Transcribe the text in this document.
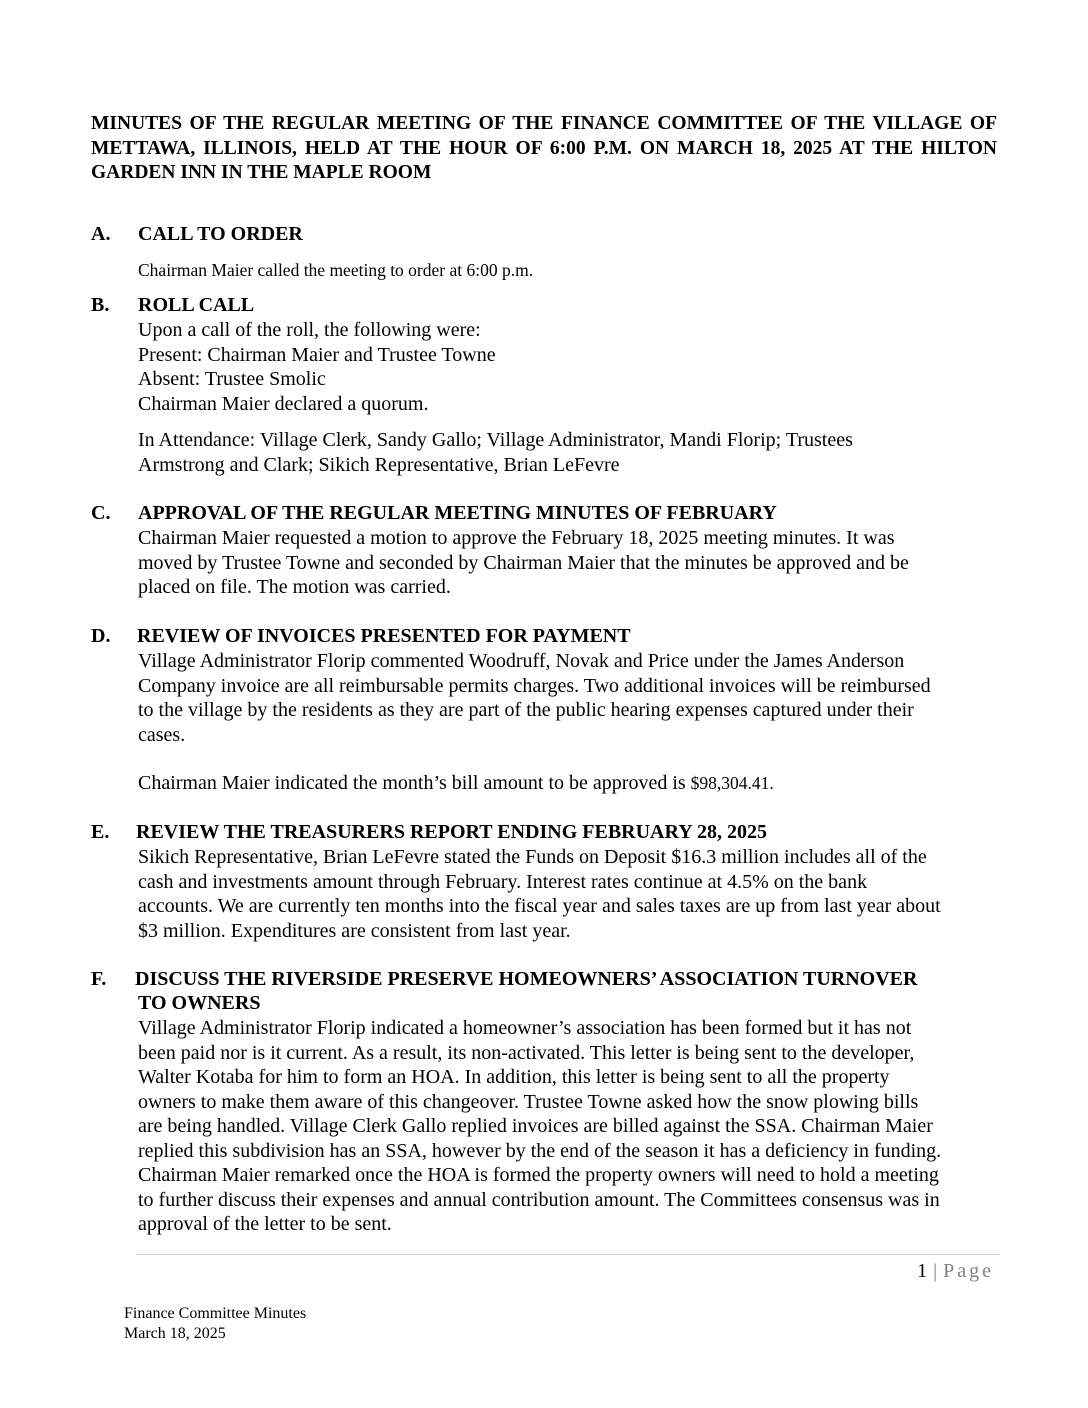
MINUTES OF THE REGULAR MEETING OF THE FINANCE COMMITTEE OF THE VILLAGE OF METTAWA, ILLINOIS, HELD AT THE HOUR OF 6:00 P.M. ON MARCH 18, 2025 AT THE HILTON GARDEN INN IN THE MAPLE ROOM
A. CALL TO ORDER
Chairman Maier called the meeting to order at 6:00 p.m.
B. ROLL CALL
Upon a call of the roll, the following were:
Present: Chairman Maier and Trustee Towne
Absent: Trustee Smolic
Chairman Maier declared a quorum.
In Attendance: Village Clerk, Sandy Gallo; Village Administrator, Mandi Florip; Trustees
Armstrong and Clark; Sikich Representative, Brian LeFevre
C. APPROVAL OF THE REGULAR MEETING MINUTES OF FEBRUARY
Chairman Maier requested a motion to approve the February 18, 2025 meeting minutes. It was
moved by Trustee Towne and seconded by Chairman Maier that the minutes be approved and be
placed on file. The motion was carried.
D. REVIEW OF INVOICES PRESENTED FOR PAYMENT
Village Administrator Florip commented Woodruff, Novak and Price under the James Anderson
Company invoice are all reimbursable permits charges. Two additional invoices will be reimbursed
to the village by the residents as they are part of the public hearing expenses captured under their
cases.
Chairman Maier indicated the month’s bill amount to be approved is $98,304.41.
E. REVIEW THE TREASURERS REPORT ENDING FEBRUARY 28, 2025
Sikich Representative, Brian LeFevre stated the Funds on Deposit $16.3 million includes all of the
cash and investments amount through February. Interest rates continue at 4.5% on the bank
accounts. We are currently ten months into the fiscal year and sales taxes are up from last year about
$3 million. Expenditures are consistent from last year.
F. DISCUSS THE RIVERSIDE PRESERVE HOMEOWNERS’ ASSOCIATION TURNOVER
TO OWNERS
Village Administrator Florip indicated a homeowner’s association has been formed but it has not
been paid nor is it current. As a result, its non-activated. This letter is being sent to the developer,
Walter Kotaba for him to form an HOA. In addition, this letter is being sent to all the property
owners to make them aware of this changeover. Trustee Towne asked how the snow plowing bills
are being handled. Village Clerk Gallo replied invoices are billed against the SSA. Chairman Maier
replied this subdivision has an SSA, however by the end of the season it has a deficiency in funding.
Chairman Maier remarked once the HOA is formed the property owners will need to hold a meeting
to further discuss their expenses and annual contribution amount. The Committees consensus was in
approval of the letter to be sent.
1 | Page
Finance Committee Minutes
March 18, 2025
